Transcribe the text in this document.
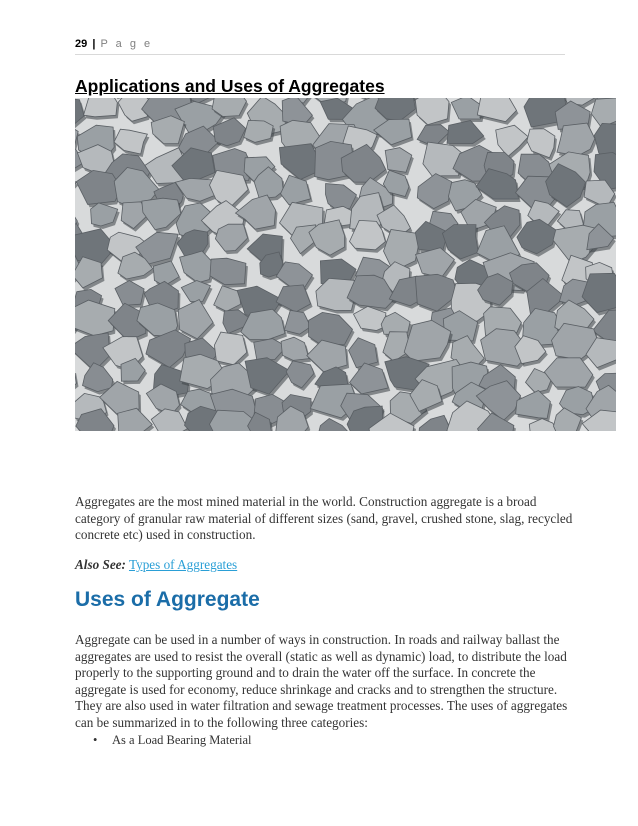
29 | P a g e
Applications and Uses of Aggregates

Aggregates are the most mined material in the world. Construction aggregate is a broad category of granular raw material of different sizes (sand, gravel, crushed stone, slag, recycled concrete etc) used in construction.

Also See: Types of Aggregates

Uses of Aggregate

Aggregate can be used in a number of ways in construction. In roads and railway ballast the aggregates are used to resist the overall (static as well as dynamic) load, to distribute the load properly to the supporting ground and to drain the water off the surface. In concrete the aggregate is used for economy, reduce shrinkage and cracks and to strengthen the structure. They are also used in water filtration and sewage treatment processes. The uses of aggregates can be summarized in to the following three categories:

• As a Load Bearing Material
